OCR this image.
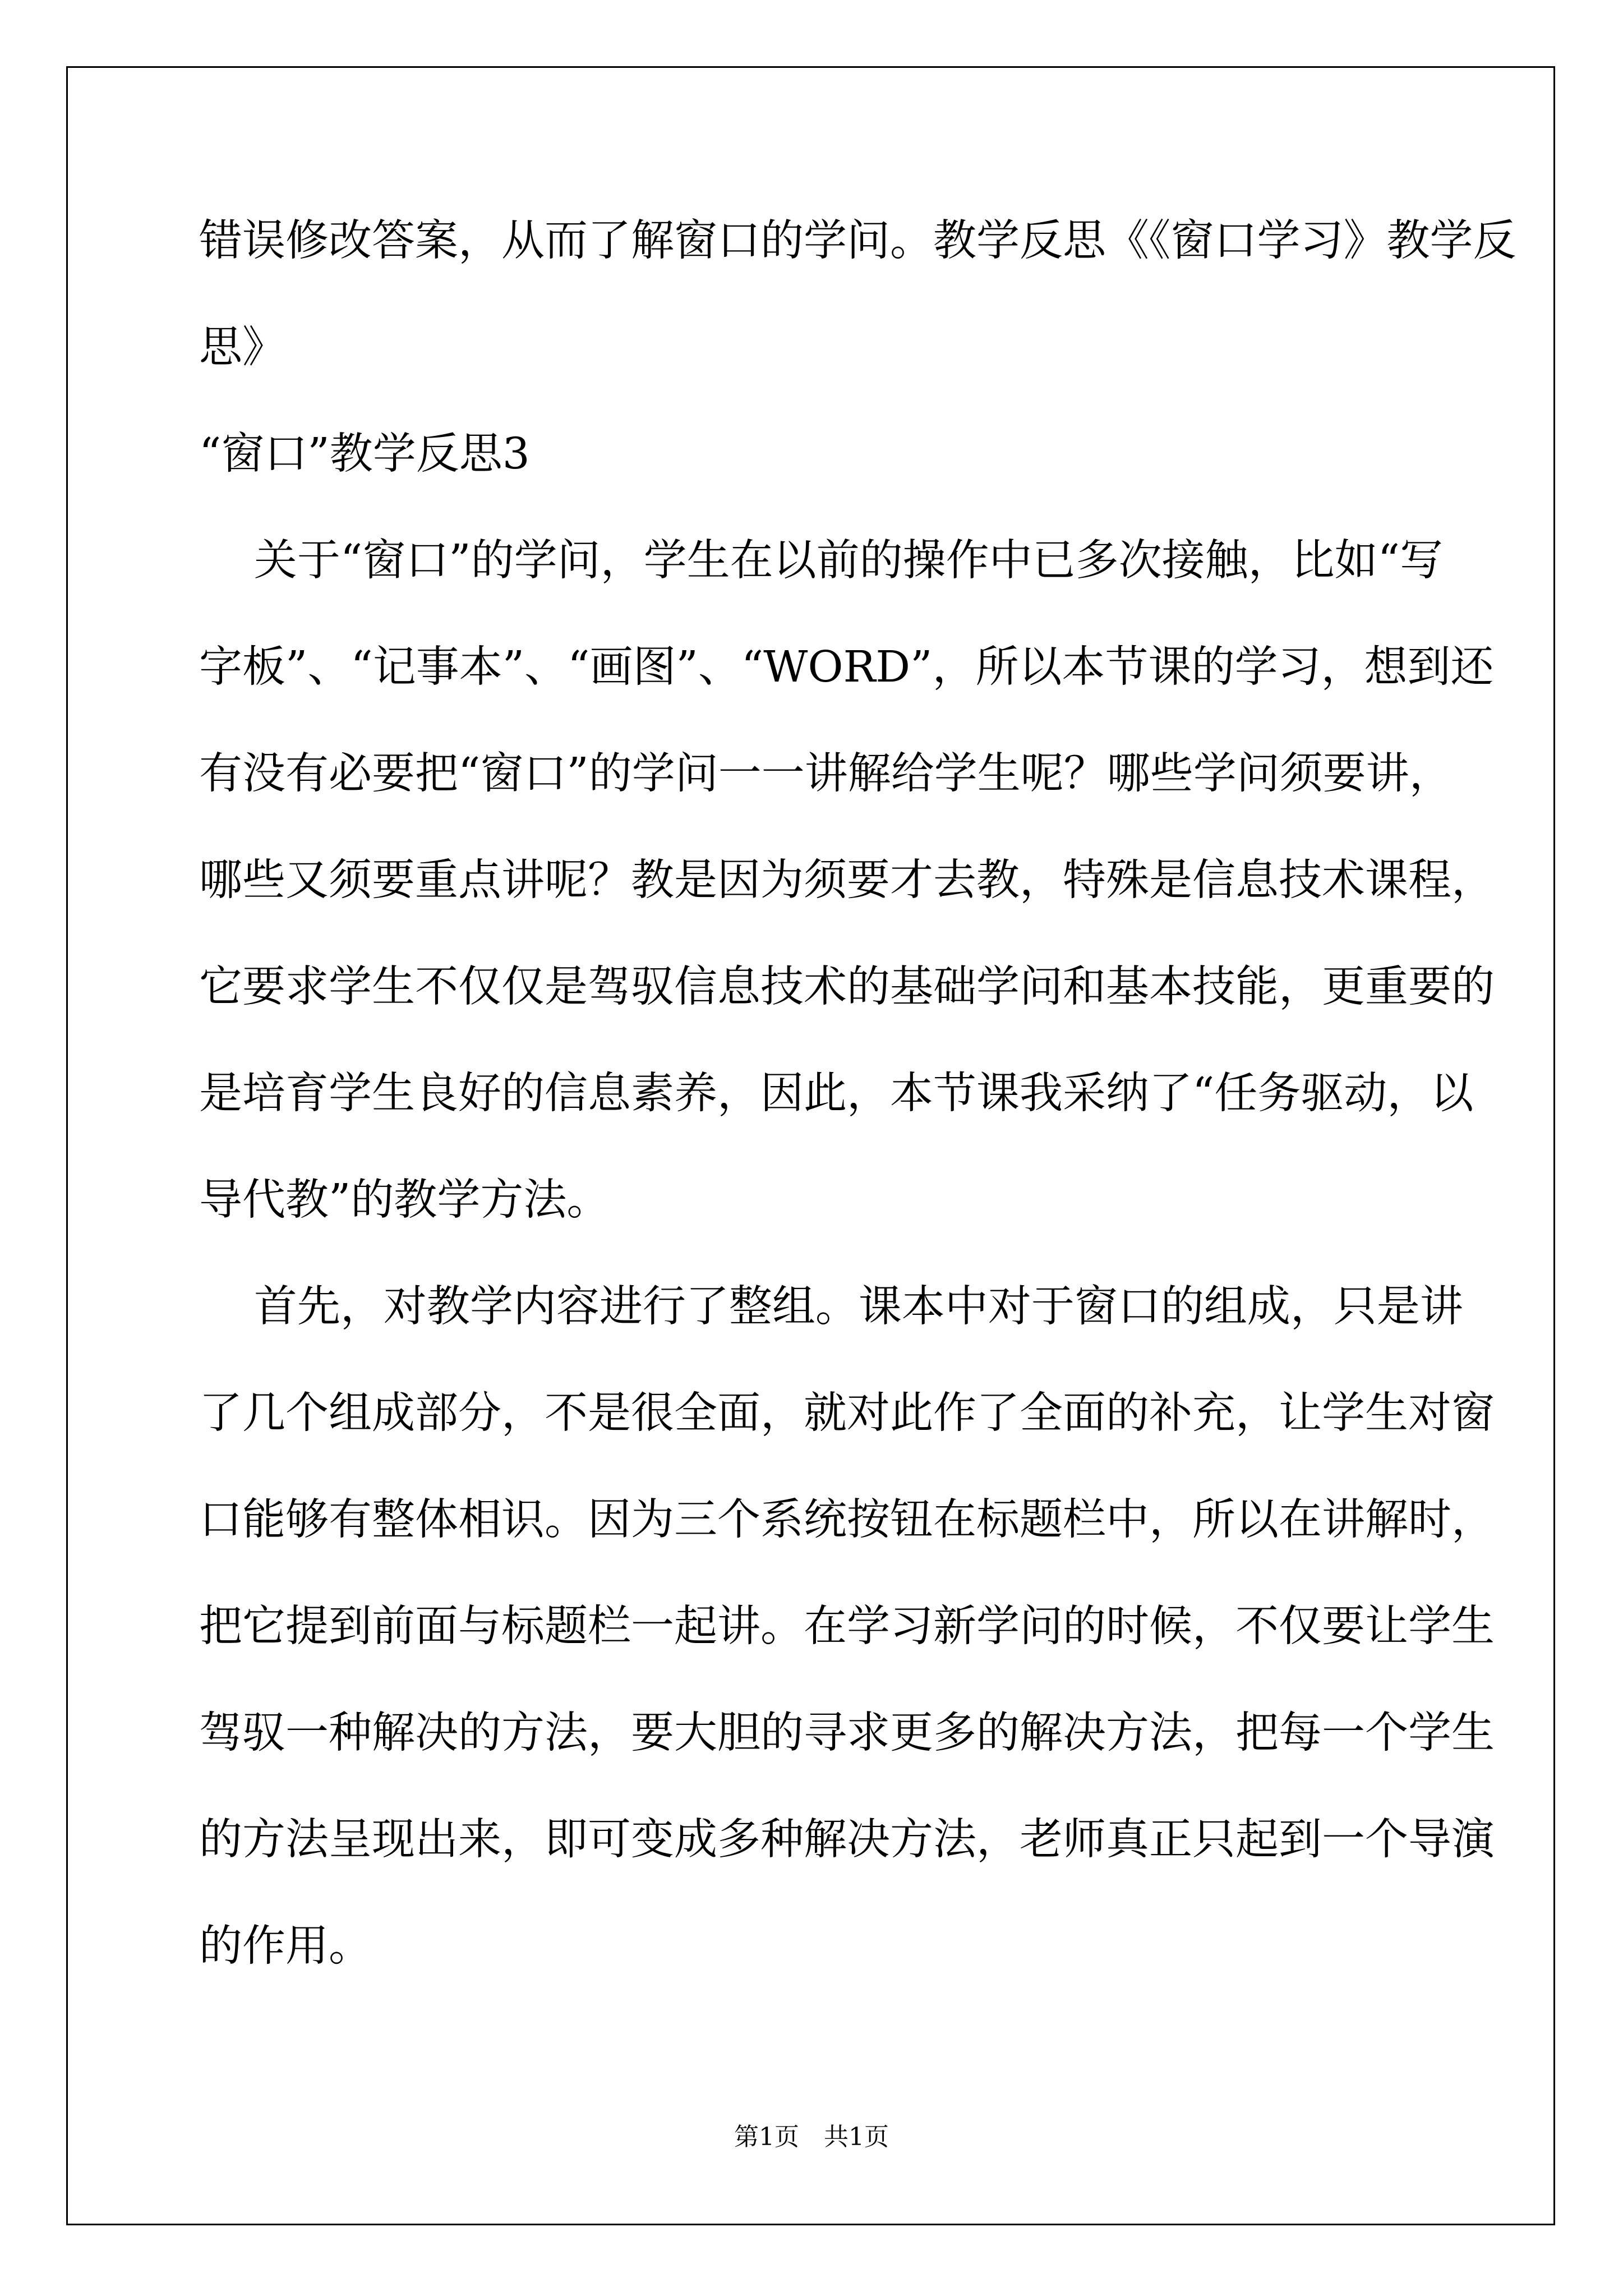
错误修改答案，从而了解窗口的学问。教学反思《《窗口学习》教学反
思》
“窗口”教学反思3
关于“窗口”的学问，学生在以前的操作中已多次接触，比如“写
字板”、“记事本”、“画图”、“WORD”，所以本节课的学习，想到还
有没有必要把“窗口”的学问一一讲解给学生呢？哪些学问须要讲，
哪些又须要重点讲呢？教是因为须要才去教，特殊是信息技术课程，
它要求学生不仅仅是驾驭信息技术的基础学问和基本技能，更重要的
是培育学生良好的信息素养，因此，本节课我采纳了“任务驱动，以
导代教”的教学方法。
首先，对教学内容进行了整组。课本中对于窗口的组成，只是讲
了几个组成部分，不是很全面，就对此作了全面的补充，让学生对窗
口能够有整体相识。因为三个系统按钮在标题栏中，所以在讲解时，
把它提到前面与标题栏一起讲。在学习新学问的时候，不仅要让学生
驾驭一种解决的方法，要大胆的寻求更多的解决方法，把每一个学生
的方法呈现出来，即可变成多种解决方法，老师真正只起到一个导演
的作用。
第1页　共1页
